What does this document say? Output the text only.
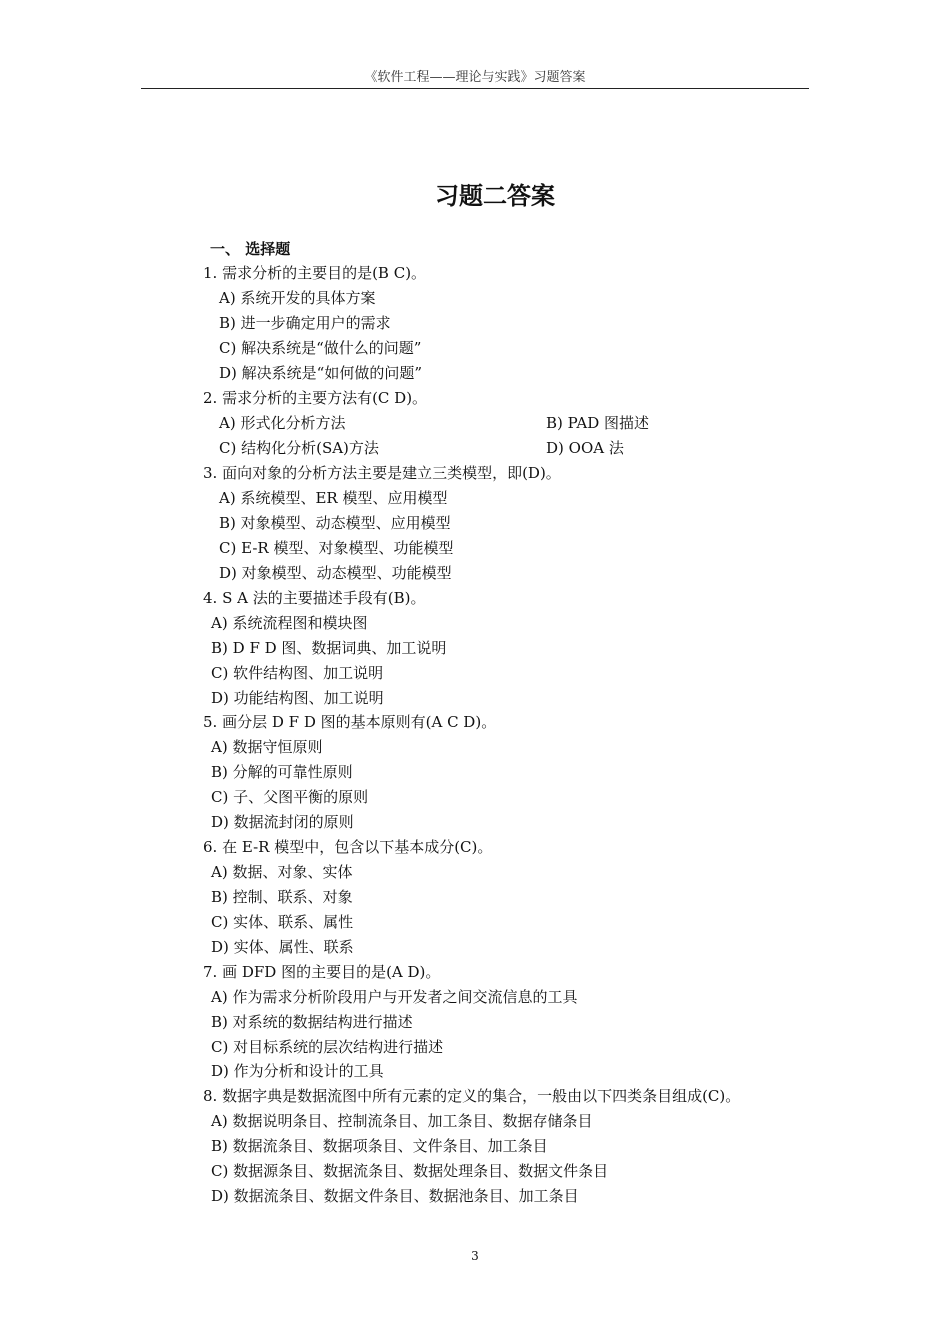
《软件工程——理论与实践》习题答案
习题二答案
一、 选择题
1. 需求分析的主要目的是(B C)。
A) 系统开发的具体方案
B) 进一步确定用户的需求
C) 解决系统是“做什么的问题”
D) 解决系统是“如何做的问题”
2. 需求分析的主要方法有(C D)。
A) 形式化分析方法	B) PAD 图描述
C) 结构化分析(SA)方法	D) OOA 法
3. 面向对象的分析方法主要是建立三类模型，即(D)。
A) 系统模型、ER 模型、应用模型
B) 对象模型、动态模型、应用模型
C) E-R 模型、对象模型、功能模型
D) 对象模型、动态模型、功能模型
4. S A 法的主要描述手段有(B)。
A) 系统流程图和模块图
B) D F D 图、数据词典、加工说明
C) 软件结构图、加工说明
D) 功能结构图、加工说明
5. 画分层 D F D 图的基本原则有(A C D)。
A) 数据守恒原则
B) 分解的可靠性原则
C) 子、父图平衡的原则
D) 数据流封闭的原则
6. 在 E-R 模型中，包含以下基本成分(C)。
A) 数据、对象、实体
B) 控制、联系、对象
C) 实体、联系、属性
D) 实体、属性、联系
7. 画 DFD 图的主要目的是(A D)。
A) 作为需求分析阶段用户与开发者之间交流信息的工具
B) 对系统的数据结构进行描述
C) 对目标系统的层次结构进行描述
D) 作为分析和设计的工具
8. 数据字典是数据流图中所有元素的定义的集合，一般由以下四类条目组成(C)。
A) 数据说明条目、控制流条目、加工条目、数据存储条目
B) 数据流条目、数据项条目、文件条目、加工条目
C) 数据源条目、数据流条目、数据处理条目、数据文件条目
D) 数据流条目、数据文件条目、数据池条目、加工条目
3
